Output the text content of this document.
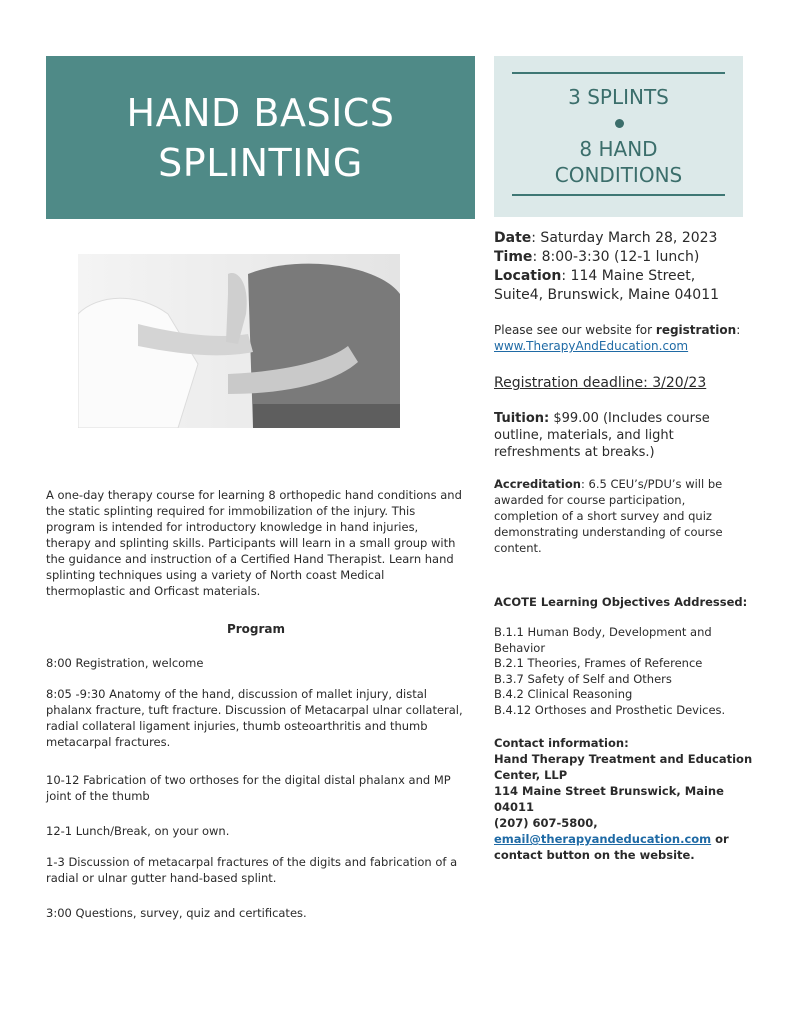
HAND BASICS
SPLINTING
3 SPLINTS
8 HAND
CONDITIONS

A one-day therapy course for learning 8 orthopedic hand conditions and the static splinting required for immobilization of the injury. This program is intended for introductory knowledge in hand injuries, therapy and splinting skills. Participants will learn in a small group with the guidance and instruction of a Certified Hand Therapist. Learn hand splinting techniques using a variety of North coast Medical thermoplastic and Orficast materials.

Program

8:00 Registration, welcome

8:05 -9:30 Anatomy of the hand, discussion of mallet injury, distal phalanx fracture, tuft fracture. Discussion of Metacarpal ulnar collateral, radial collateral ligament injuries, thumb osteoarthritis and thumb metacarpal fractures.

10-12 Fabrication of two orthoses for the digital distal phalanx and MP joint of the thumb

12-1 Lunch/Break, on your own.

1-3 Discussion of metacarpal fractures of the digits and fabrication of a radial or ulnar gutter hand-based splint.

3:00 Questions, survey, quiz and certificates.

Date: Saturday March 28, 2023
Time: 8:00-3:30 (12-1 lunch)
Location: 114 Maine Street,
Suite4, Brunswick, Maine 04011
Please see our website for registration:
www.TherapyAndEducation.com
Registration deadline: 3/20/23

Tuition: $99.00 (Includes course outline, materials, and light refreshments at breaks.)

Accreditation: 6.5 CEU’s/PDU’s will be awarded for course participation, completion of a short survey and quiz demonstrating understanding of course content.

ACOTE Learning Objectives Addressed:
B.1.1 Human Body, Development and Behavior
B.2.1 Theories, Frames of Reference
B.3.7 Safety of Self and Others
B.4.2 Clinical Reasoning
B.4.12 Orthoses and Prosthetic Devices.
Contact information:
Hand Therapy Treatment and Education Center, LLP
114 Maine Street Brunswick, Maine 04011
(207) 607-5800,
email@therapyandeducation.com or contact button on the website.
